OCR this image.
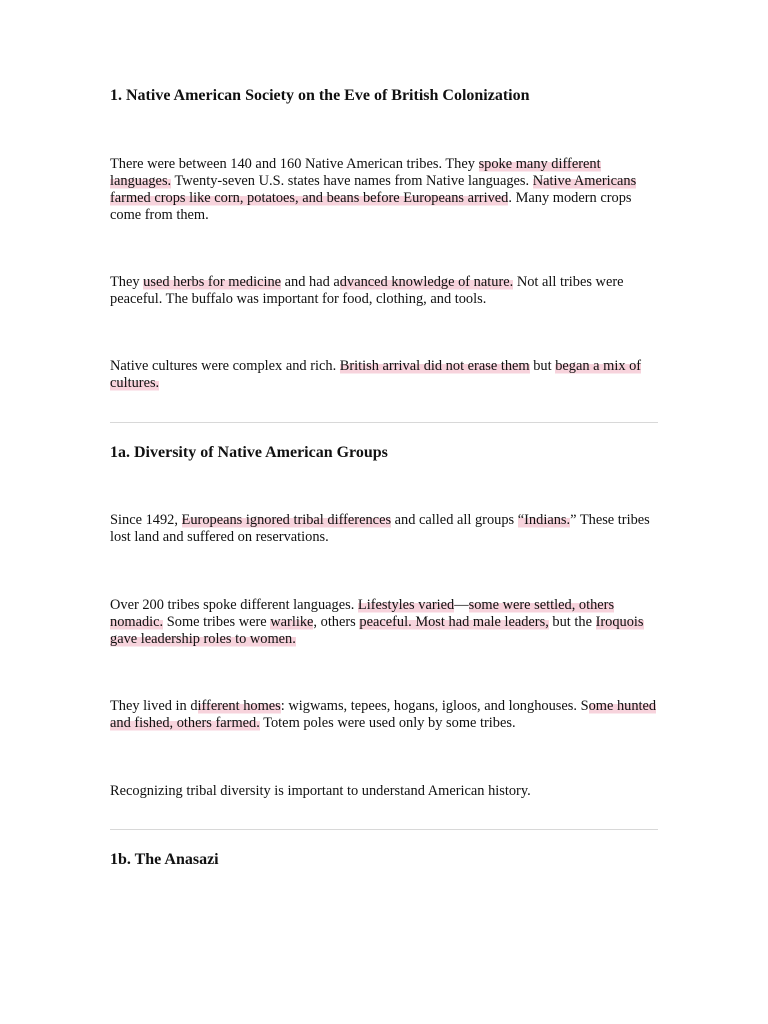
1. Native American Society on the Eve of British Colonization

There were between 140 and 160 Native American tribes. They spoke many different languages. Twenty-seven U.S. states have names from Native languages. Native Americans farmed crops like corn, potatoes, and beans before Europeans arrived. Many modern crops come from them.

They used herbs for medicine and had advanced knowledge of nature. Not all tribes were peaceful. The buffalo was important for food, clothing, and tools.

Native cultures were complex and rich. British arrival did not erase them but began a mix of cultures.

1a. Diversity of Native American Groups

Since 1492, Europeans ignored tribal differences and called all groups “Indians.” These tribes lost land and suffered on reservations.

Over 200 tribes spoke different languages. Lifestyles varied—some were settled, others nomadic. Some tribes were warlike, others peaceful. Most had male leaders, but the Iroquois gave leadership roles to women.

They lived in different homes: wigwams, tepees, hogans, igloos, and longhouses. Some hunted and fished, others farmed. Totem poles were used only by some tribes.

Recognizing tribal diversity is important to understand American history.

1b. The Anasazi
